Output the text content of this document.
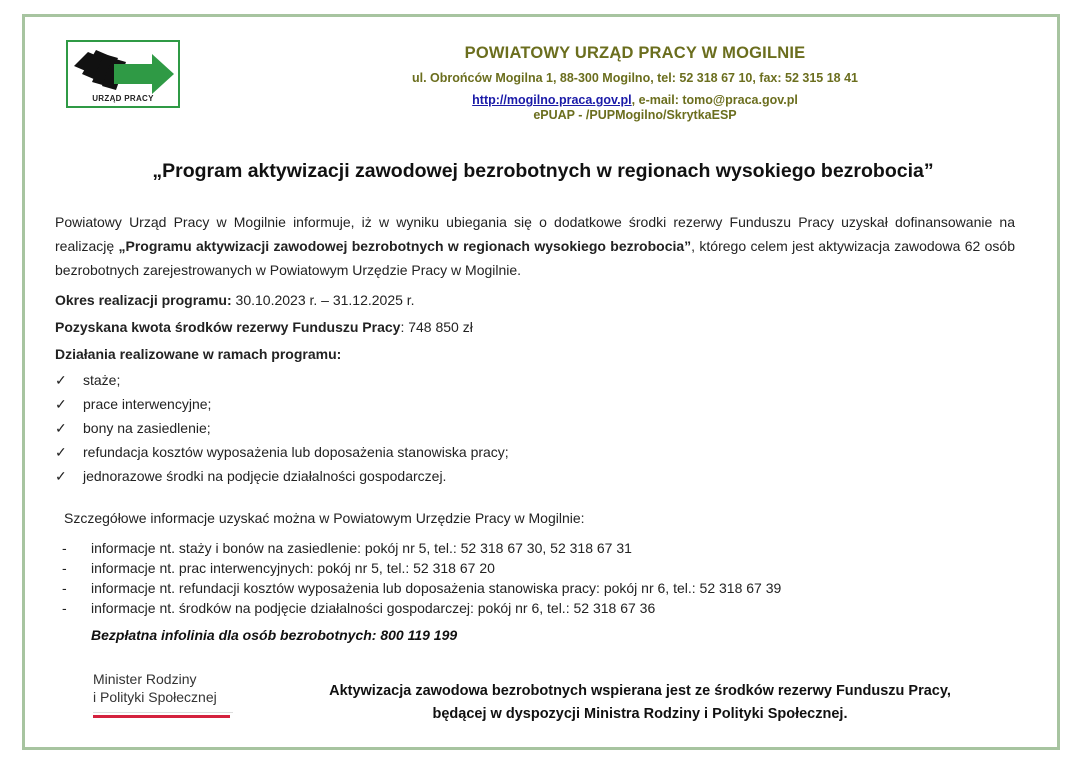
URZĄD PRACY
POWIATOWY URZĄD PRACY W MOGILNIE
ul. Obrońców Mogilna 1, 88-300 Mogilno, tel: 52 318 67 10, fax: 52 315 18 41
http://mogilno.praca.gov.pl, e-mail: tomo@praca.gov.pl
ePUAP - /PUPMogilno/SkrytkaESP
„Program aktywizacji zawodowej bezrobotnych w regionach wysokiego bezrobocia”
Powiatowy Urząd Pracy w Mogilnie informuje, iż w wyniku ubiegania się o dodatkowe środki rezerwy Funduszu Pracy uzyskał dofinansowanie na realizację „Programu aktywizacji zawodowej bezrobotnych w regionach wysokiego bezrobocia”, którego celem jest aktywizacja zawodowa 62 osób bezrobotnych zarejestrowanych w Powiatowym Urzędzie Pracy w Mogilnie.
Okres realizacji programu: 30.10.2023 r. – 31.12.2025 r.
Pozyskana kwota środków rezerwy Funduszu Pracy: 748 850 zł
Działania realizowane w ramach programu:
✓ staże;
✓ prace interwencyjne;
✓ bony na zasiedlenie;
✓ refundacja kosztów wyposażenia lub doposażenia stanowiska pracy;
✓ jednorazowe środki na podjęcie działalności gospodarczej.
Szczegółowe informacje uzyskać można w Powiatowym Urzędzie Pracy w Mogilnie:
- informacje nt. staży i bonów na zasiedlenie: pokój nr 5, tel.: 52 318 67 30, 52 318 67 31
- informacje nt. prac interwencyjnych: pokój nr 5, tel.: 52 318 67 20
- informacje nt. refundacji kosztów wyposażenia lub doposażenia stanowiska pracy: pokój nr 6, tel.: 52 318 67 39
- informacje nt. środków na podjęcie działalności gospodarczej: pokój nr 6, tel.: 52 318 67 36
Bezpłatna infolinia dla osób bezrobotnych: 800 119 199
Minister Rodziny
i Polityki Społecznej	Aktywizacja zawodowa bezrobotnych wspierana jest ze środków rezerwy Funduszu Pracy,
będącej w dyspozycji Ministra Rodziny i Polityki Społecznej.
